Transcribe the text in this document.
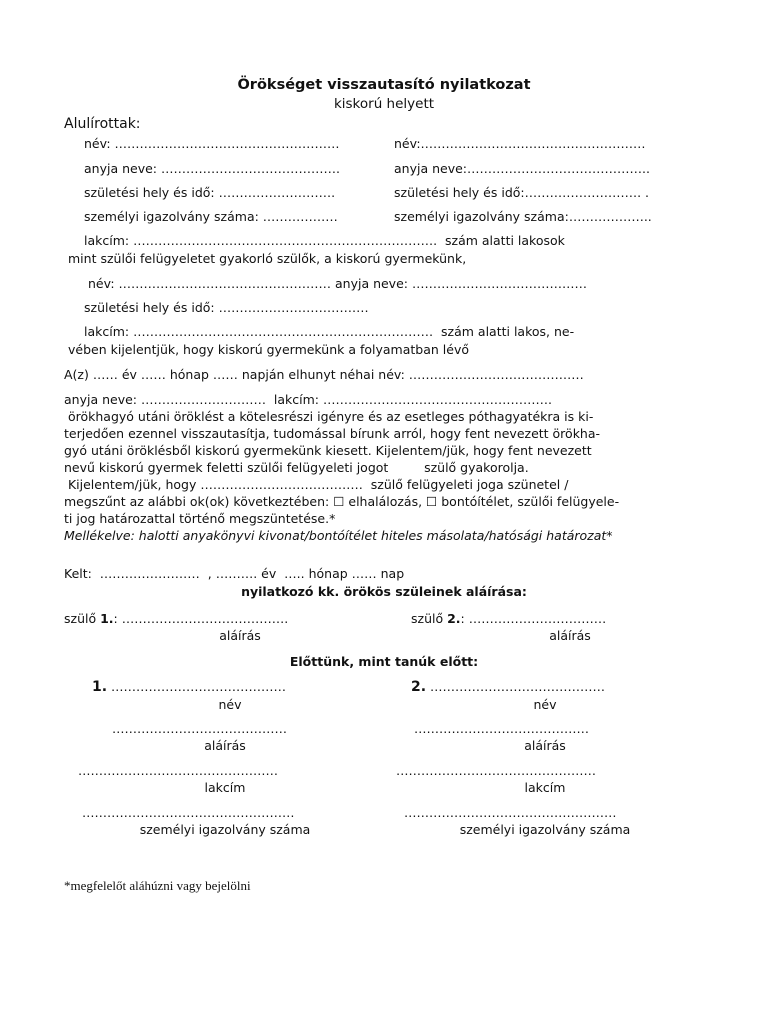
Örökséget visszautasító nyilatkozat
kiskorú helyett
Alulírottak:
név: ………………………………………………	név:………………………………………………
anyja neve: …………………………………….	anyja neve:……………………………………..
születési hely és idő: ……………………….	születési hely és idő:………………………. .
személyi igazolvány száma: ………………	személyi igazolvány száma:………………..
lakcím: ……………………………………………………………….  szám alatti lakosok
mint szülői felügyeletet gyakorló szülők, a kiskorú gyermekünk,
név: …………………………………………… anyja neve: ……………………………………
születési hely és idő: ………………………………
lakcím: ………………………………………………………………  szám alatti lakos, ne-
vében kijelentjük, hogy kiskorú gyermekünk a folyamatban lévő
A(z) …… év …… hónap …… napján elhunyt néhai név: ……………………………………
anyja neve: …………………………  lakcím: ……………………………………………….
örökhagyó utáni öröklést a kötelesrészi igényre és az esetleges póthagyatékra is ki-
terjedően ezennel visszautasítja, tudomással bírunk arról, hogy fent nevezett örökha-
gyó utáni öröklésből kiskorú gyermekünk kiesett. Kijelentem/jük, hogy fent nevezett
nevű kiskorú gyermek feletti szülői felügyeleti jogot         szülő gyakorolja.
Kijelentem/jük, hogy …………………………………  szülő felügyeleti joga szünetel /
megszűnt az alábbi ok(ok) következtében: ☐ elhalálozás, ☐ bontóítélet, szülői felügyele-
ti jog határozattal történő megszüntetése.*
Mellékelve: halotti anyakönyvi kivonat/bontóítélet hiteles másolata/hatósági határozat*
Kelt:  ……………………  , ………. év  ….. hónap …… nap
nyilatkozó kk. örökös szüleinek aláírása:
szülő 1.: ………………………………….	szülő 2.: ……………………………
aláírás	aláírás
Előttünk, mint tanúk előtt:
1. ……………………………………	2. ……………………………………
név	név
……………………………………	……………………………………
aláírás	aláírás
…………………………………………	…………………………………………
lakcím	lakcím
……………………………………………	……………………………………………
személyi igazolvány száma	személyi igazolvány száma
*megfelelőt aláhúzni vagy bejelölni
